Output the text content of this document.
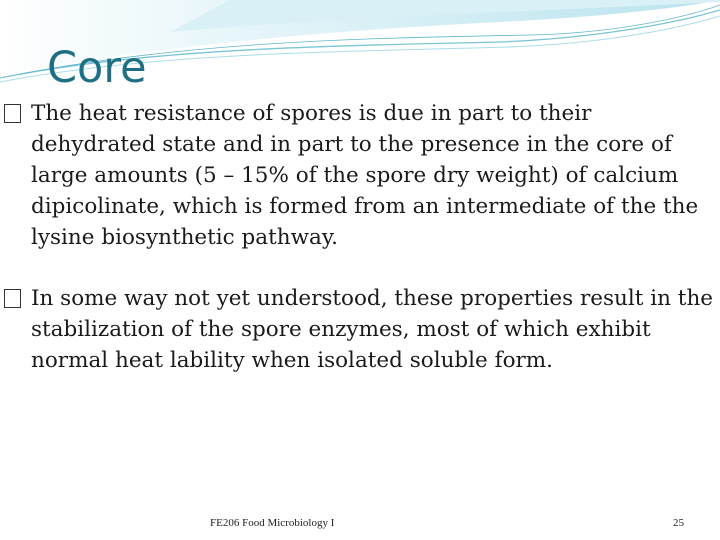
Core

The heat resistance of spores is due in part to their dehydrated state and in part to the presence in the core of large amounts (5 – 15% of the spore dry weight) of calcium dipicolinate, which is formed from an intermediate of the the lysine biosynthetic pathway.

In some way not yet understood, these properties result in the stabilization of the spore enzymes, most of which exhibit normal heat lability when isolated soluble form.

FE206 Food Microbiology I	25
